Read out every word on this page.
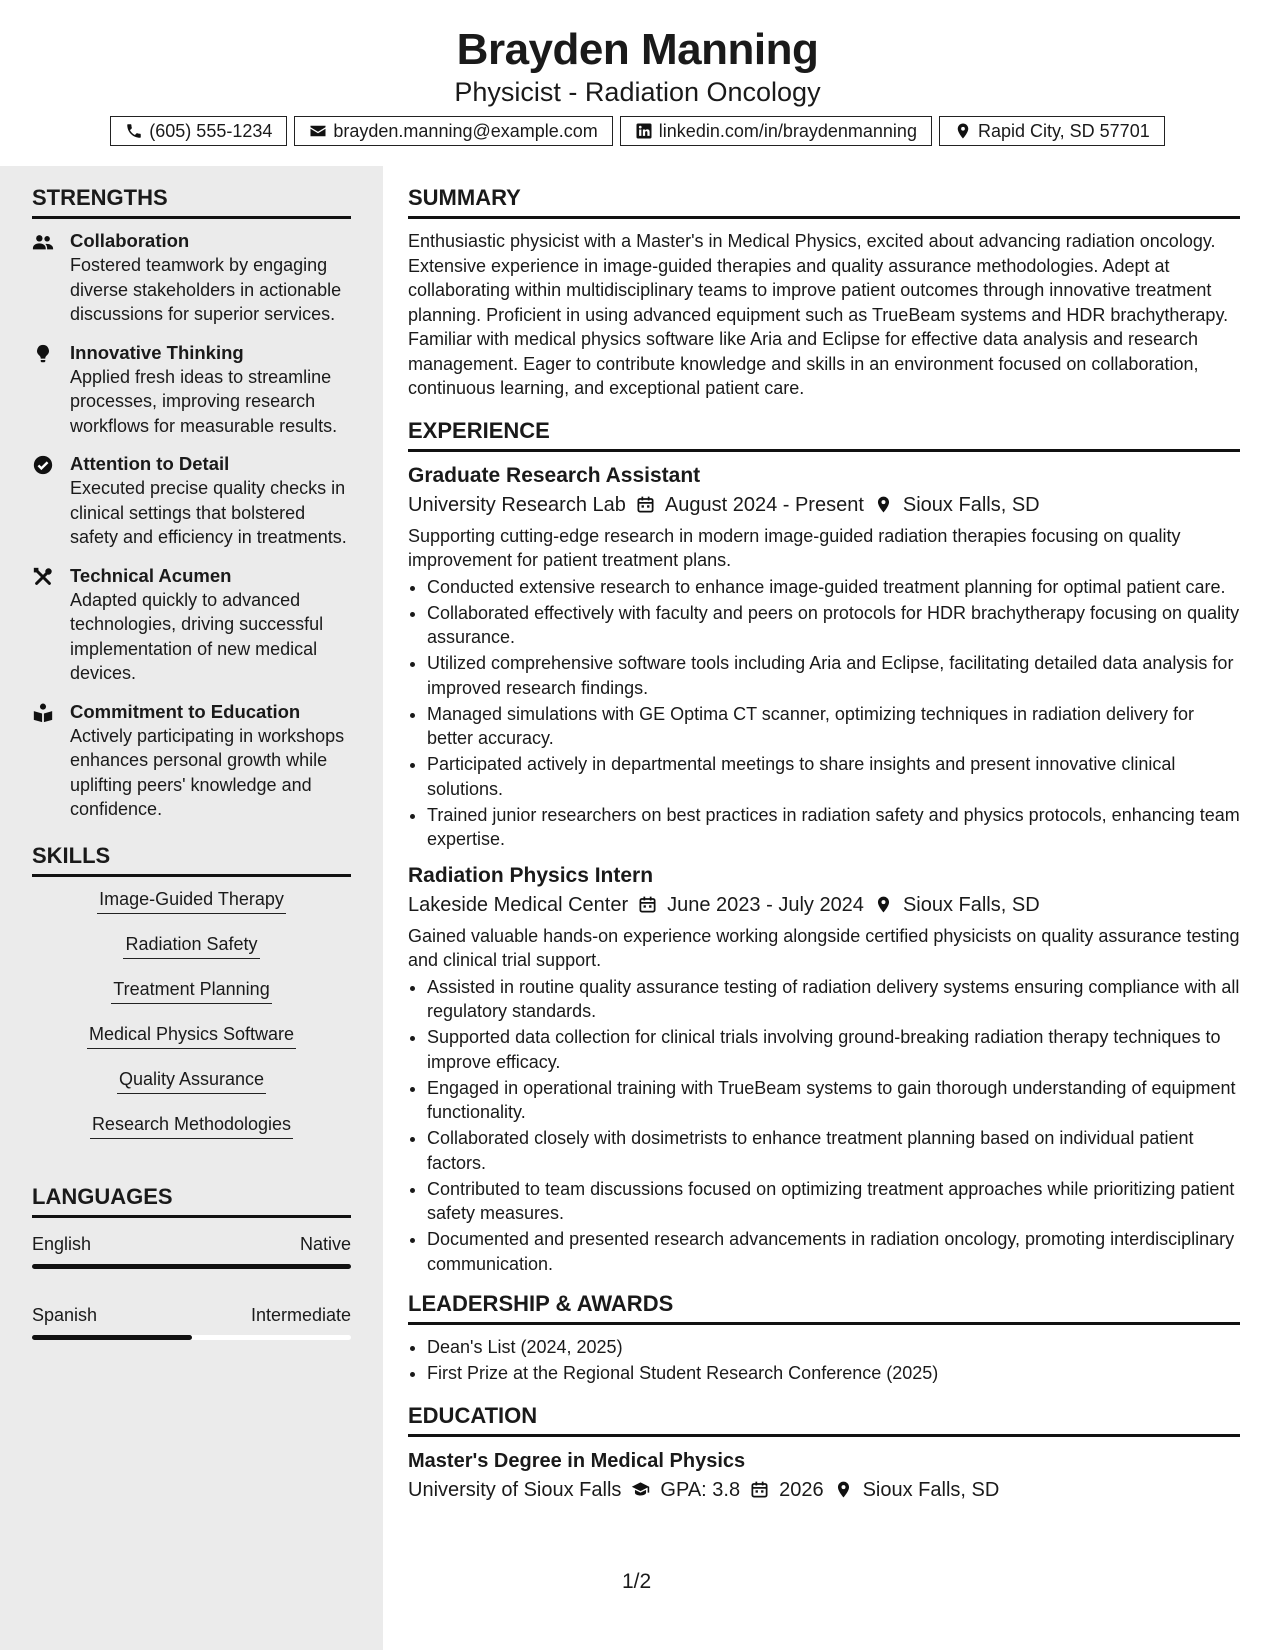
Brayden Manning
Physicist - Radiation Oncology
(605) 555-1234	brayden.manning@example.com	linkedin.com/in/braydenmanning	Rapid City, SD 57701
STRENGTHS
Collaboration
Fostered teamwork by engaging diverse stakeholders in actionable discussions for superior services.
Innovative Thinking
Applied fresh ideas to streamline processes, improving research workflows for measurable results.
Attention to Detail
Executed precise quality checks in clinical settings that bolstered safety and efficiency in treatments.
Technical Acumen
Adapted quickly to advanced technologies, driving successful implementation of new medical devices.
Commitment to Education
Actively participating in workshops enhances personal growth while uplifting peers' knowledge and confidence.
SKILLS
Image-Guided Therapy
Radiation Safety
Treatment Planning
Medical Physics Software
Quality Assurance
Research Methodologies
LANGUAGES
English	Native
Spanish	Intermediate
SUMMARY
Enthusiastic physicist with a Master's in Medical Physics, excited about advancing radiation oncology. Extensive experience in image-guided therapies and quality assurance methodologies. Adept at collaborating within multidisciplinary teams to improve patient outcomes through innovative treatment planning. Proficient in using advanced equipment such as TrueBeam systems and HDR brachytherapy. Familiar with medical physics software like Aria and Eclipse for effective data analysis and research management. Eager to contribute knowledge and skills in an environment focused on collaboration, continuous learning, and exceptional patient care.
EXPERIENCE
Graduate Research Assistant
University Research Lab August 2024 - Present Sioux Falls, SD
Supporting cutting-edge research in modern image-guided radiation therapies focusing on quality improvement for patient treatment plans.
• Conducted extensive research to enhance image-guided treatment planning for optimal patient care.
• Collaborated effectively with faculty and peers on protocols for HDR brachytherapy focusing on quality assurance.
• Utilized comprehensive software tools including Aria and Eclipse, facilitating detailed data analysis for improved research findings.
• Managed simulations with GE Optima CT scanner, optimizing techniques in radiation delivery for better accuracy.
• Participated actively in departmental meetings to share insights and present innovative clinical solutions.
• Trained junior researchers on best practices in radiation safety and physics protocols, enhancing team expertise.
Radiation Physics Intern
Lakeside Medical Center June 2023 - July 2024 Sioux Falls, SD
Gained valuable hands-on experience working alongside certified physicists on quality assurance testing and clinical trial support.
• Assisted in routine quality assurance testing of radiation delivery systems ensuring compliance with all regulatory standards.
• Supported data collection for clinical trials involving ground-breaking radiation therapy techniques to improve efficacy.
• Engaged in operational training with TrueBeam systems to gain thorough understanding of equipment functionality.
• Collaborated closely with dosimetrists to enhance treatment planning based on individual patient factors.
• Contributed to team discussions focused on optimizing treatment approaches while prioritizing patient safety measures.
• Documented and presented research advancements in radiation oncology, promoting interdisciplinary communication.
LEADERSHIP & AWARDS
• Dean's List (2024, 2025)
• First Prize at the Regional Student Research Conference (2025)
EDUCATION
Master's Degree in Medical Physics
University of Sioux Falls GPA: 3.8 2026 Sioux Falls, SD
1/2
